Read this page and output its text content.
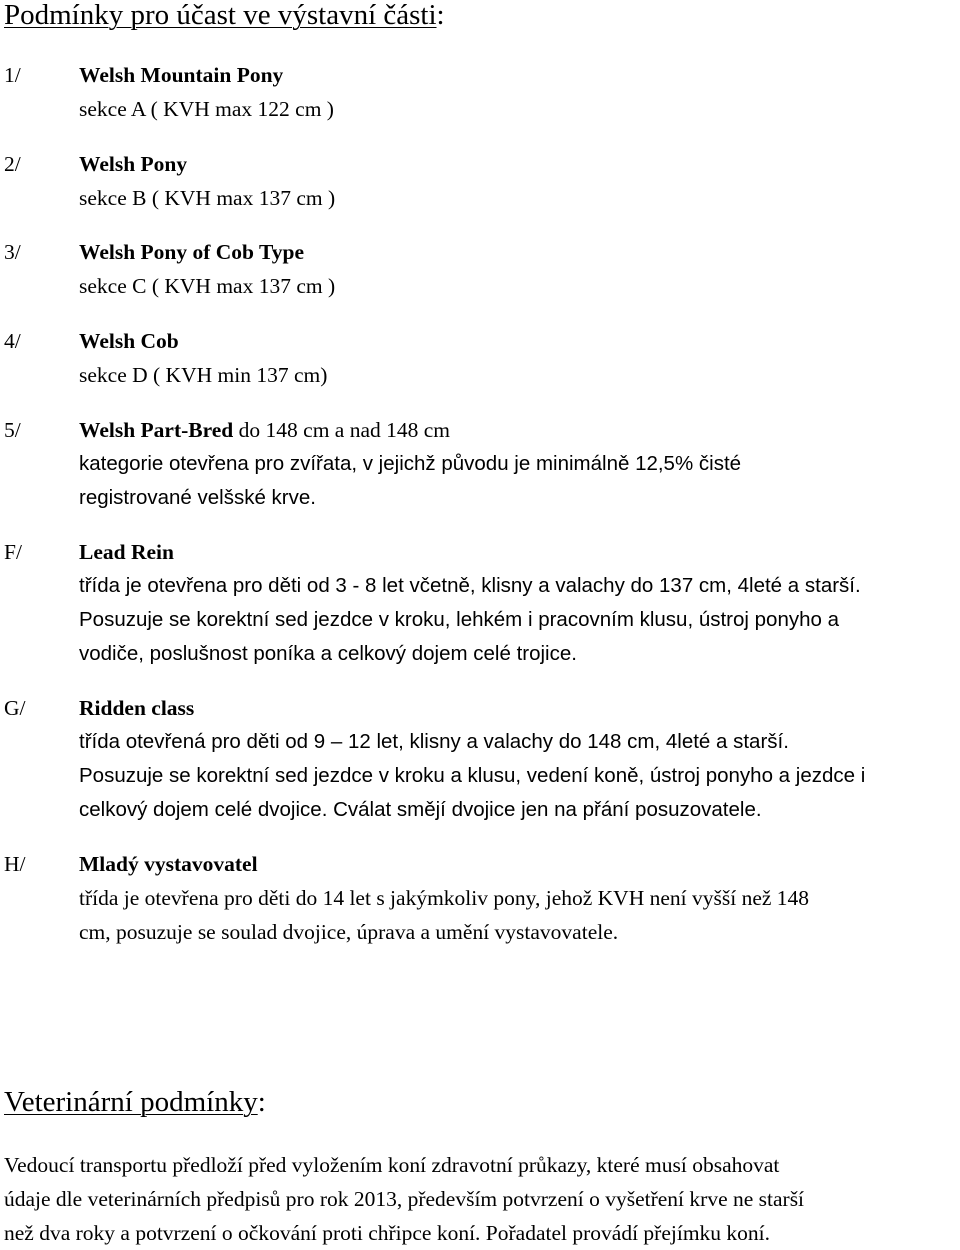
Podmínky pro účast ve výstavní části:
1/	Welsh Mountain Pony
sekce A ( KVH max 122 cm )
2/	Welsh Pony
sekce B ( KVH max 137 cm )
3/	Welsh Pony of Cob Type
sekce C ( KVH max 137 cm )
4/	Welsh Cob
sekce D ( KVH min 137 cm)
5/	Welsh Part-Bred do 148 cm a nad 148 cm
kategorie otevřena pro zvířata, v jejichž původu je minimálně 12,5% čisté
registrované velšské krve.
F/	Lead Rein
třída je otevřena pro děti od 3 - 8 let včetně, klisny a valachy do 137 cm, 4leté a starší.
Posuzuje se korektní sed jezdce v kroku, lehkém i pracovním klusu, ústroj ponyho a
vodiče, poslušnost poníka a celkový dojem celé trojice.
G/ Ridden class
třída otevřená pro děti od 9 – 12 let, klisny a valachy do 148 cm, 4leté a starší.
Posuzuje se korektní sed jezdce v kroku a klusu, vedení koně, ústroj ponyho a jezdce i
celkový dojem celé dvojice. Cválat smějí dvojice jen na přání posuzovatele.
H/ Mladý vystavovatel
třída je otevřena pro děti do 14 let s jakýmkoliv pony, jehož KVH není vyšší než 148
cm, posuzuje se soulad dvojice, úprava a umění vystavovatele.
Veterinární podmínky:
Vedoucí transportu předloží před vyložením koní zdravotní průkazy, které musí obsahovat
údaje dle veterinárních předpisů pro rok 2013, především potvrzení o vyšetření krve ne starší
než dva roky a potvrzení o očkování proti chřipce koní. Pořadatel provádí přejímku koní.
